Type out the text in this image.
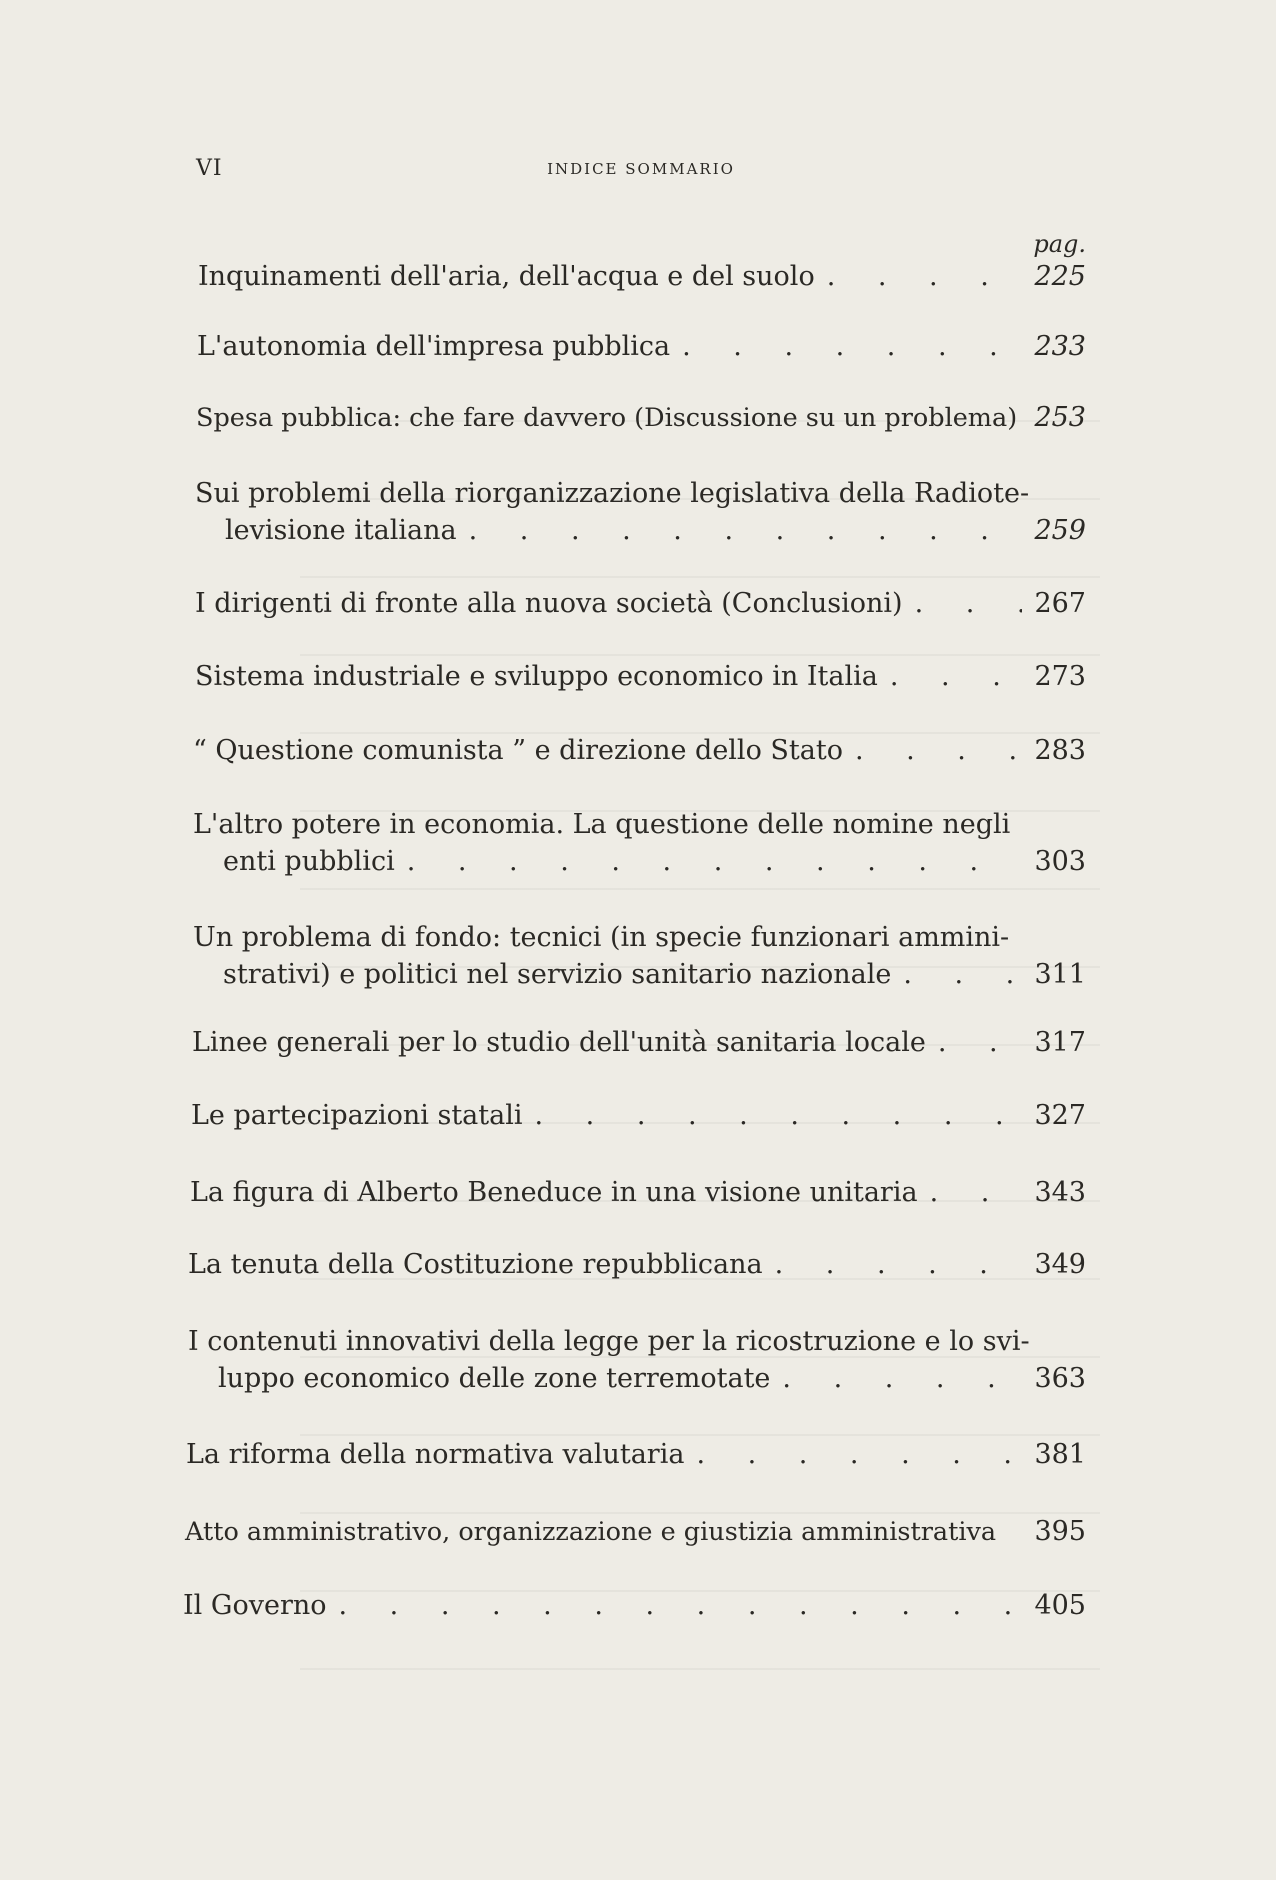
VI	INDICE SOMMARIO
pag.
Inquinamenti dell'aria, dell'acqua e del suolo . . .	225
L'autonomia dell'impresa pubblica . . .	233
Spesa pubblica: che fare davvero (Discussione su un problema) 253
Sui problemi della riorganizzazione legislativa della Radiote-
levisione italiana . . .	259
I dirigenti di fronte alla nuova società (Conclusioni) . . .	267
Sistema industriale e sviluppo economico in Italia . . .	273
“ Questione comunista ” e direzione dello Stato . . .	283
L'altro potere in economia. La questione delle nomine negli
enti pubblici . . .	303
Un problema di fondo: tecnici (in specie funzionari ammini-
strativi) e politici nel servizio sanitario nazionale . . .	311
Linee generali per lo studio dell'unità sanitaria locale . . .	317
Le partecipazioni statali . . .	327
La figura di Alberto Beneduce in una visione unitaria . . .	343
La tenuta della Costituzione repubblicana . . .	349
I contenuti innovativi della legge per la ricostruzione e lo svi-
luppo economico delle zone terremotate . . .	363
La riforma della normativa valutaria . . .	381
Atto amministrativo, organizzazione e giustizia amministrativa 395
Il Governo . . .	405
